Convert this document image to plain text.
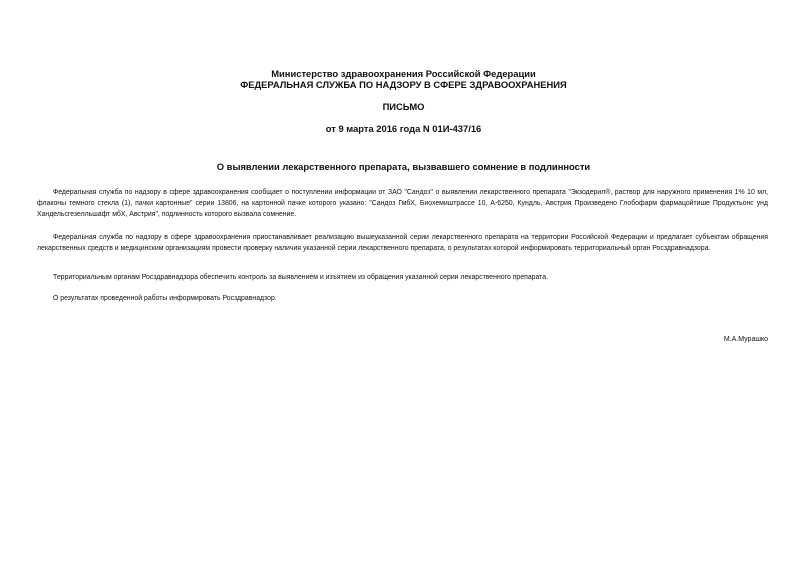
Министерство здравоохранения Российской Федерации
ФЕДЕРАЛЬНАЯ СЛУЖБА ПО НАДЗОРУ В СФЕРЕ ЗДРАВООХРАНЕНИЯ
ПИСЬМО
от 9 марта 2016 года N 01И-437/16
О выявлении лекарственного препарата, вызвавшего сомнение в подлинности
Федеральная служба по надзору в сфере здравоохранения сообщает о поступлении информации от ЗАО "Сандоз" о выявлении лекарственного препарата "Экзодерил®, раствор для наружного применения 1% 10 мл, флаконы темного стекла (1), пачки картонные" серии 13806, на картонной пачке которого указано: "Сандоз ГмбХ, Биохемиштрассе 10, А-6250, Кундль, Австрия Произведено Глобофарм фармацойтише Продуктьонс унд Хандельсгезелльшафт мбХ, Австрия", подлинность которого вызвала сомнение.
Федеральная служба по надзору в сфере здравоохранения приостанавливает реализацию вышеуказанной серии лекарственного препарата на территории Российской Федерации и предлагает субъектам обращения лекарственных средств и медицинским организациям провести проверку наличия указанной серии лекарственного препарата, о результатах которой информировать территориальный орган Росздравнадзора.
Территориальным органам Росздравнадзора обеспечить контроль за выявлением и изъятием из обращения указанной серии лекарственного препарата.
О результатах проведенной работы информировать Росздравнадзор.
М.А.Мурашко
